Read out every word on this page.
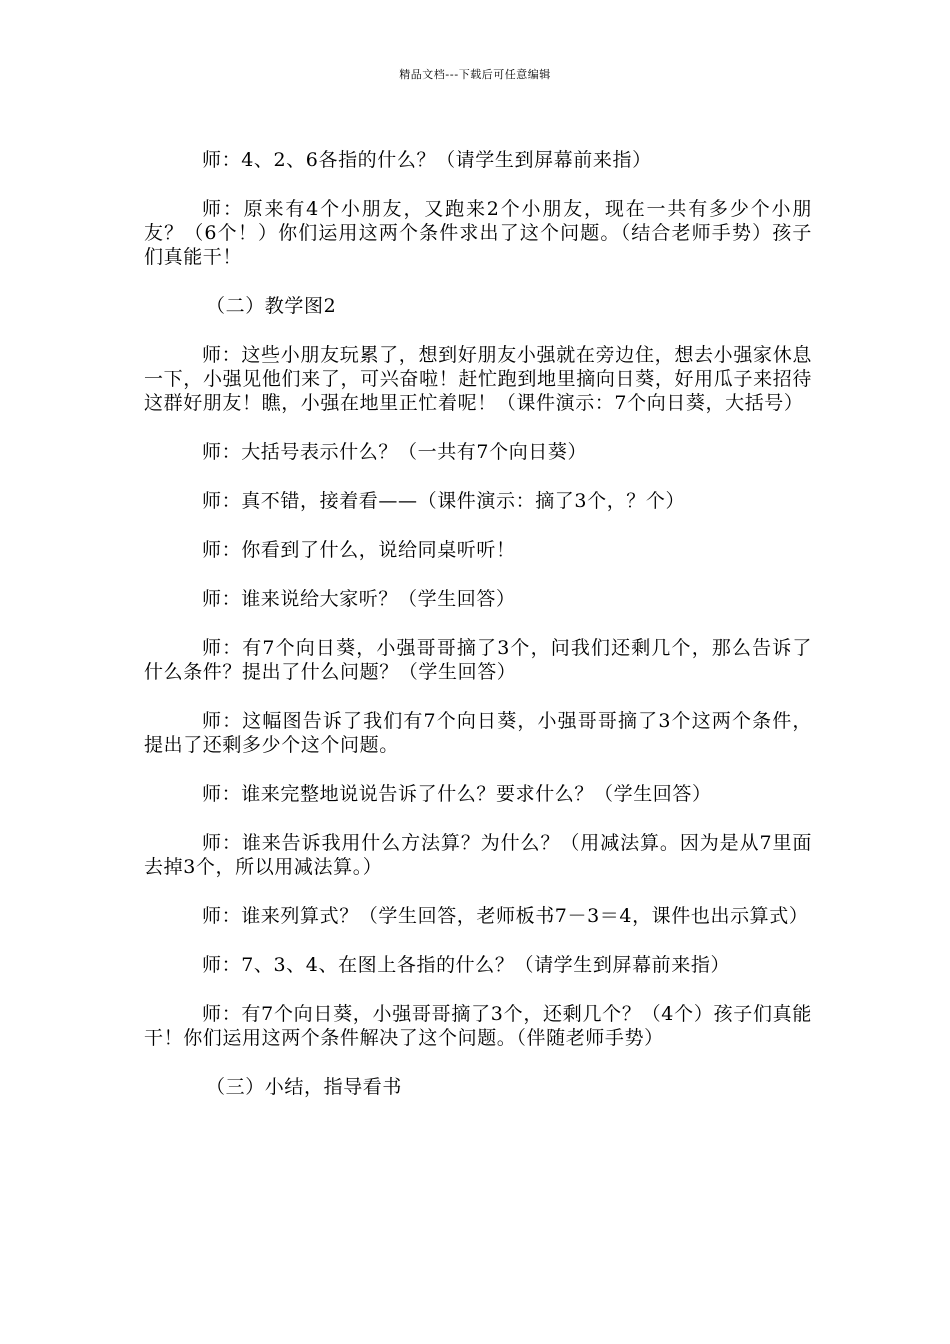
精品文档---下载后可任意编辑

师：4、2、6各指的什么？（请学生到屏幕前来指）

师：原来有4个小朋友，又跑来2个小朋友，现在一共有多少个小朋友？（6个！）你们运用这两个条件求出了这个问题。（结合老师手势）孩子们真能干！

（二）教学图2

师：这些小朋友玩累了，想到好朋友小强就在旁边住，想去小强家休息一下，小强见他们来了，可兴奋啦！赶忙跑到地里摘向日葵，好用瓜子来招待这群好朋友！瞧，小强在地里正忙着呢！（课件演示：7个向日葵，大括号）

师：大括号表示什么？（一共有7个向日葵）

师：真不错，接着看——（课件演示：摘了3个，？个）

师：你看到了什么，说给同桌听听！

师：谁来说给大家听？（学生回答）

师：有7个向日葵，小强哥哥摘了3个，问我们还剩几个，那么告诉了什么条件？提出了什么问题？（学生回答）

师：这幅图告诉了我们有7个向日葵，小强哥哥摘了3个这两个条件，提出了还剩多少个这个问题。

师：谁来完整地说说告诉了什么？要求什么？（学生回答）

师：谁来告诉我用什么方法算？为什么？（用减法算。因为是从7里面去掉3个，所以用减法算。）

师：谁来列算式？（学生回答，老师板书7－3＝4，课件也出示算式）

师：7、3、4、在图上各指的什么？（请学生到屏幕前来指）

师：有7个向日葵，小强哥哥摘了3个，还剩几个？（4个）孩子们真能干！你们运用这两个条件解决了这个问题。（伴随老师手势）

（三）小结，指导看书
